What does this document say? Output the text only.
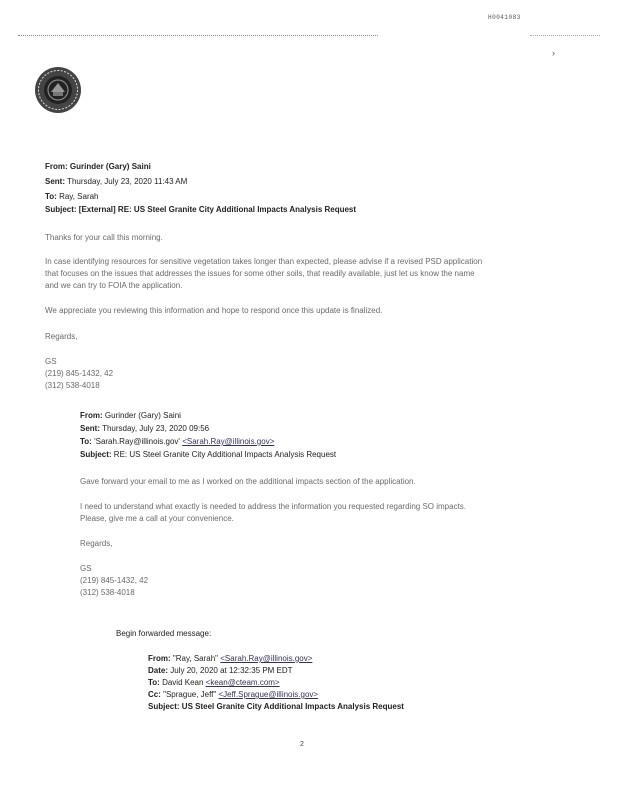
H0041083
›
From: Gurinder (Gary) Saini
Sent: Thursday, July 23, 2020 11:43 AM
To: Ray, Sarah
Subject: [External] RE: US Steel Granite City Additional Impacts Analysis Request
Thanks for your call this morning.
In case identifying resources for sensitive vegetation takes longer than expected, please advise if a revised PSD application
that focuses on the issues that addresses the issues for some other soils, that readily available, just let us know the name
and we can try to FOIA the application.
We appreciate you reviewing this information and hope to respond once this update is finalized.
Regards,
GS
(219) 845-1432, 42
(312) 538-4018
From: Gurinder (Gary) Saini
Sent: Thursday, July 23, 2020 09:56
To: 'Sarah.Ray@illinois.gov' <Sarah.Ray@illinois.gov>
Subject: RE: US Steel Granite City Additional Impacts Analysis Request
Gave forward your email to me as I worked on the additional impacts section of the application.
I need to understand what exactly is needed to address the information you requested regarding SO impacts.
Please, give me a call at your convenience.
Regards,
GS
(219) 845-1432, 42
(312) 538-4018
Begin forwarded message:
From: "Ray, Sarah" <Sarah.Ray@illinois.gov>
Date: July 20, 2020 at 12:32:35 PM EDT
To: David Kean <kean@cteam.com>
Cc: "Sprague, Jeff" <Jeff.Sprague@illinois.gov>
Subject: US Steel Granite City Additional Impacts Analysis Request
2
